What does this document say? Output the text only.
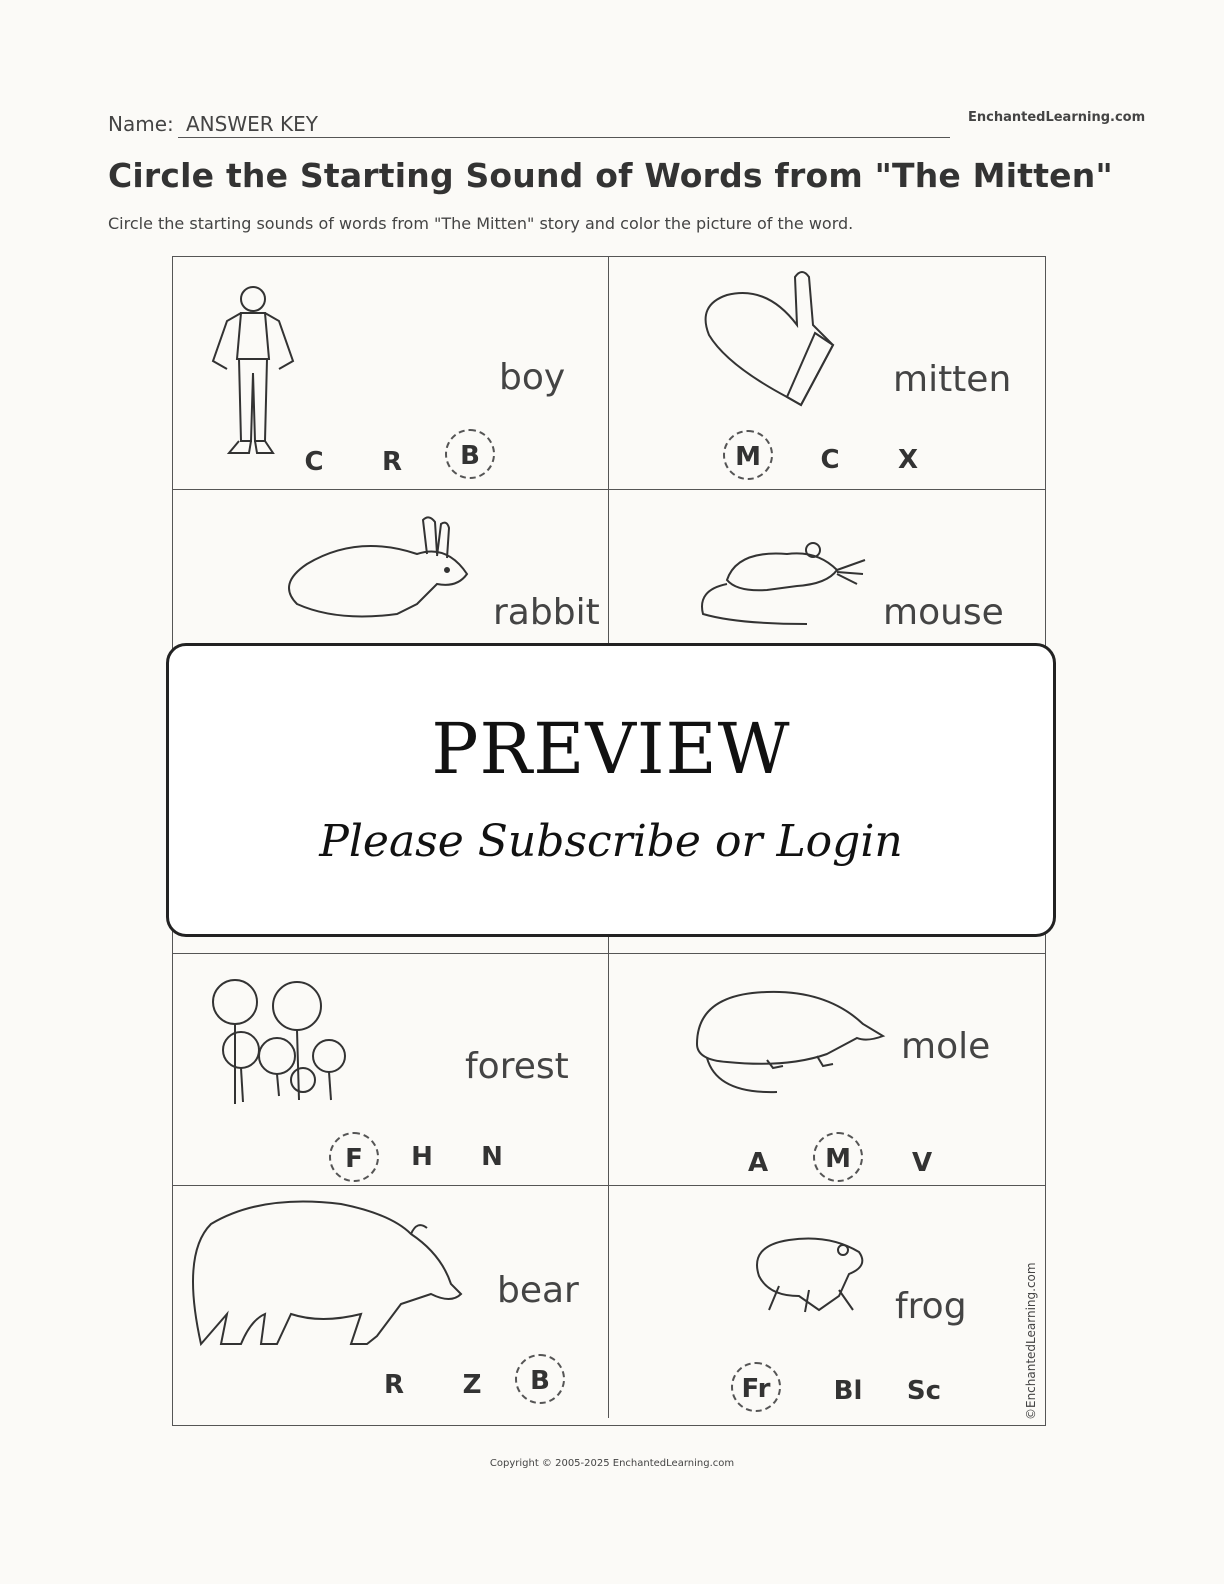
Name: ANSWER KEY	EnchantedLearning.com
Circle the Starting Sound of Words from "The Mitten"
Circle the starting sounds of words from "The Mitten" story and color the picture of the word.
boy
C	R	B
mitten
M	C	X
rabbit	mouse
forest
F	H	N
mole
A	M	V
bear
R	Z	B
frog
Fr	Bl	Sc
PREVIEW
Please Subscribe or Login
©EnchantedLearning.com
Copyright © 2005-2025 EnchantedLearning.com
